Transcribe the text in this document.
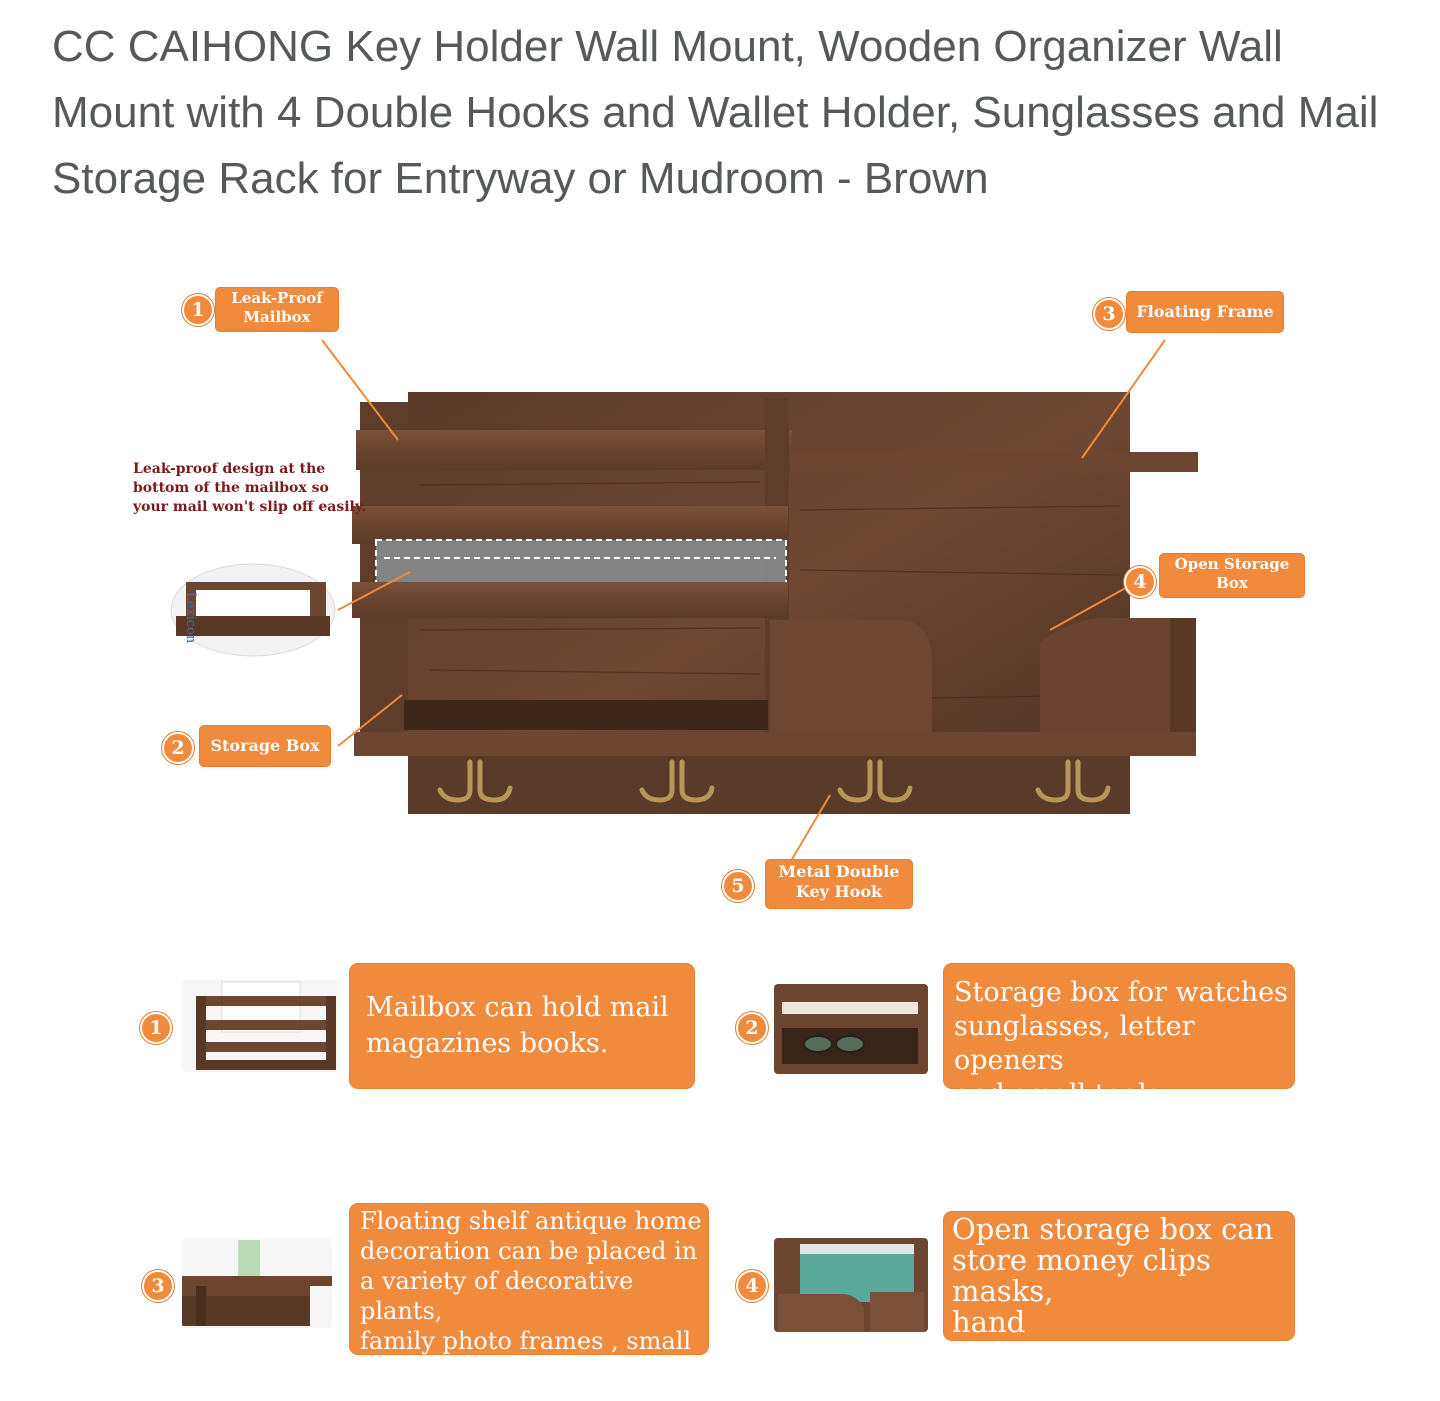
CC CAIHONG Key Holder Wall Mount, Wooden Organizer Wall Mount with 4 Double Hooks and Wallet Holder, Sunglasses and Mail Storage Rack for Entryway or Mudroom - Brown
Lexicon
1
Leak-Proof
Mailbox	3	Floating Frame
Leak-proof design at the bottom of the mailbox so your mail won't slip off easily.
4
Open Storage
Box
2	Storage Box
5
Metal Double
Key Hook
1
Mailbox can hold mail
magazines books.	2
Storage box for watches
sunglasses, letter openers
and small tools.
3
Floating shelf antique home
decoration can be placed in
a variety of decorative plants,
family photo frames , small
calendars.
4
Open storage box can
store money clips masks,
hand sanitizer,sunscreen
pet toys.
